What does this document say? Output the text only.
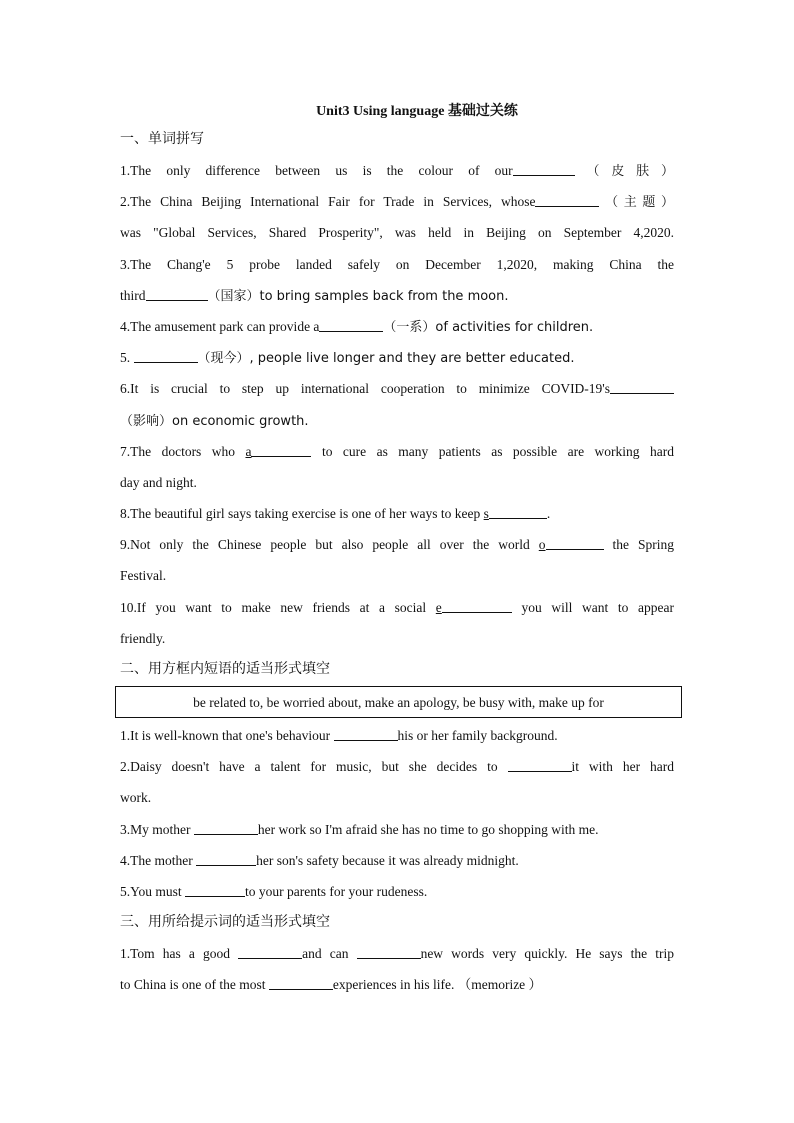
Unit3 Using language 基础过关练
一、单词拼写
1.The only difference between us is the colour of our	（皮肤）
2.The China Beijing International Fair for Trade in Services, whose	（主题）
was "Global Services, Shared Prosperity", was held in Beijing on September 4,2020.
3.The Chang'e 5 probe landed safely on December 1,2020, making China the
third	（国家）to bring samples back from the moon.
4.The amusement park can provide a	（一系）of activities for children.
5.	（现今）, people live longer and they are better educated.
6.It is crucial to step up international cooperation to minimize COVID-19's
（影响）on economic growth.
7.The doctors who a	to cure as many patients as possible are working hard
day and night.
8.The beautiful girl says taking exercise is one of her ways to keep s	.
9.Not only the Chinese people but also people all over the world o	the Spring
Festival.
10.If you want to make new friends at a social e	you will want to appear
friendly.
二、用方框内短语的适当形式填空
be related to, be worried about, make an apology, be busy with, make up for
1.It is well-known that one's behaviour	his or her family background.
2.Daisy doesn't have a talent for music, but she decides to	it with her hard
work.
3.My mother	her work so I'm afraid she has no time to go shopping with me.
4.The mother	her son's safety because it was already midnight.
5.You must	to your parents for your rudeness.
三、用所给提示词的适当形式填空
1.Tom has a good	and can	new words very quickly. He says the trip
to China is one of the most	experiences in his life. （memorize ）
